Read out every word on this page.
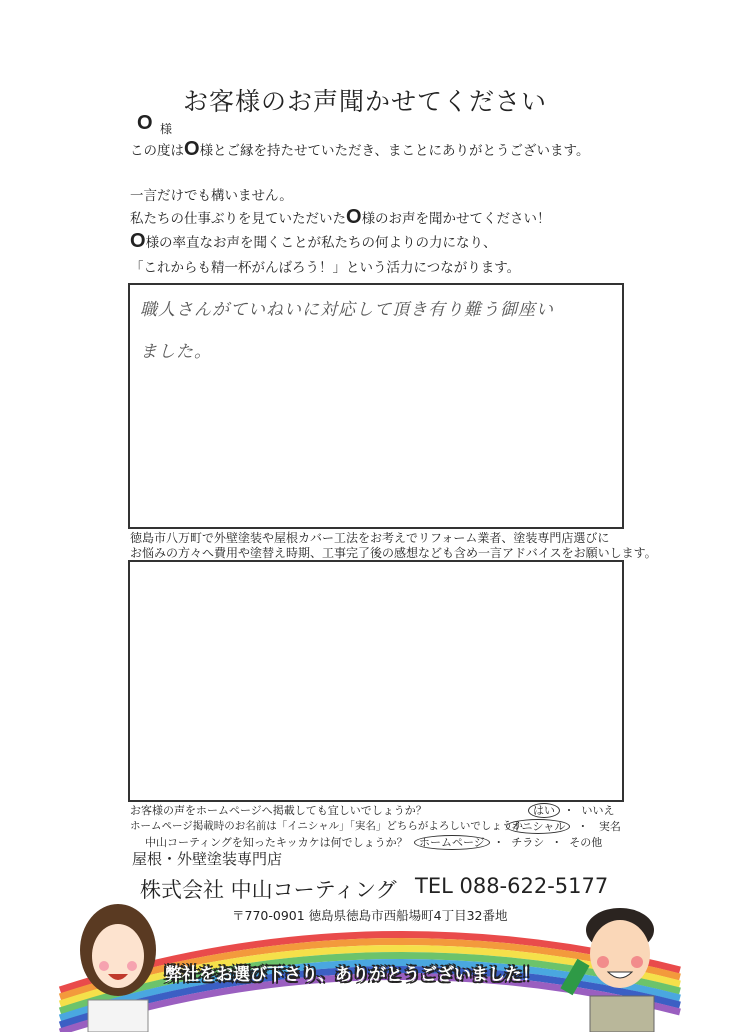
お客様のお声聞かせてください
O 様
この度はO様とご縁を持たせていただき、まことにありがとうございます。
一言だけでも構いません。
私たちの仕事ぶりを見ていただいたO様のお声を聞かせてください！
O様の率直なお声を聞くことが私たちの何よりの力になり、
「これからも精一杯がんばろう！」という活力につながります。
職人さんがていねいに対応して頂き有り難う御座い
ました。
徳島市八万町で外壁塗装や屋根カバー工法をお考えでリフォーム業者、塗装専門店選びに
お悩みの方々へ費用や塗替え時期、工事完了後の感想なども含め一言アドバイスをお願いします。
お客様の声をホームページへ掲載しても宜しいでしょうか？	はい ・  いいえ
ホームページ掲載時のお名前は「イニシャル」「実名」どちらがよろしいでしょうか
イニシャル  ・   実名
中山コーティングを知ったキッカケは何でしょうか？	ホームページ ・  チラシ  ・  その他
屋根・外壁塗装専門店
株式会社 中山コーティング TEL 088-622-5177
〒770-0901 徳島県徳島市西船場町4丁目32番地
弊社をお選び下さり、ありがとうございました！
